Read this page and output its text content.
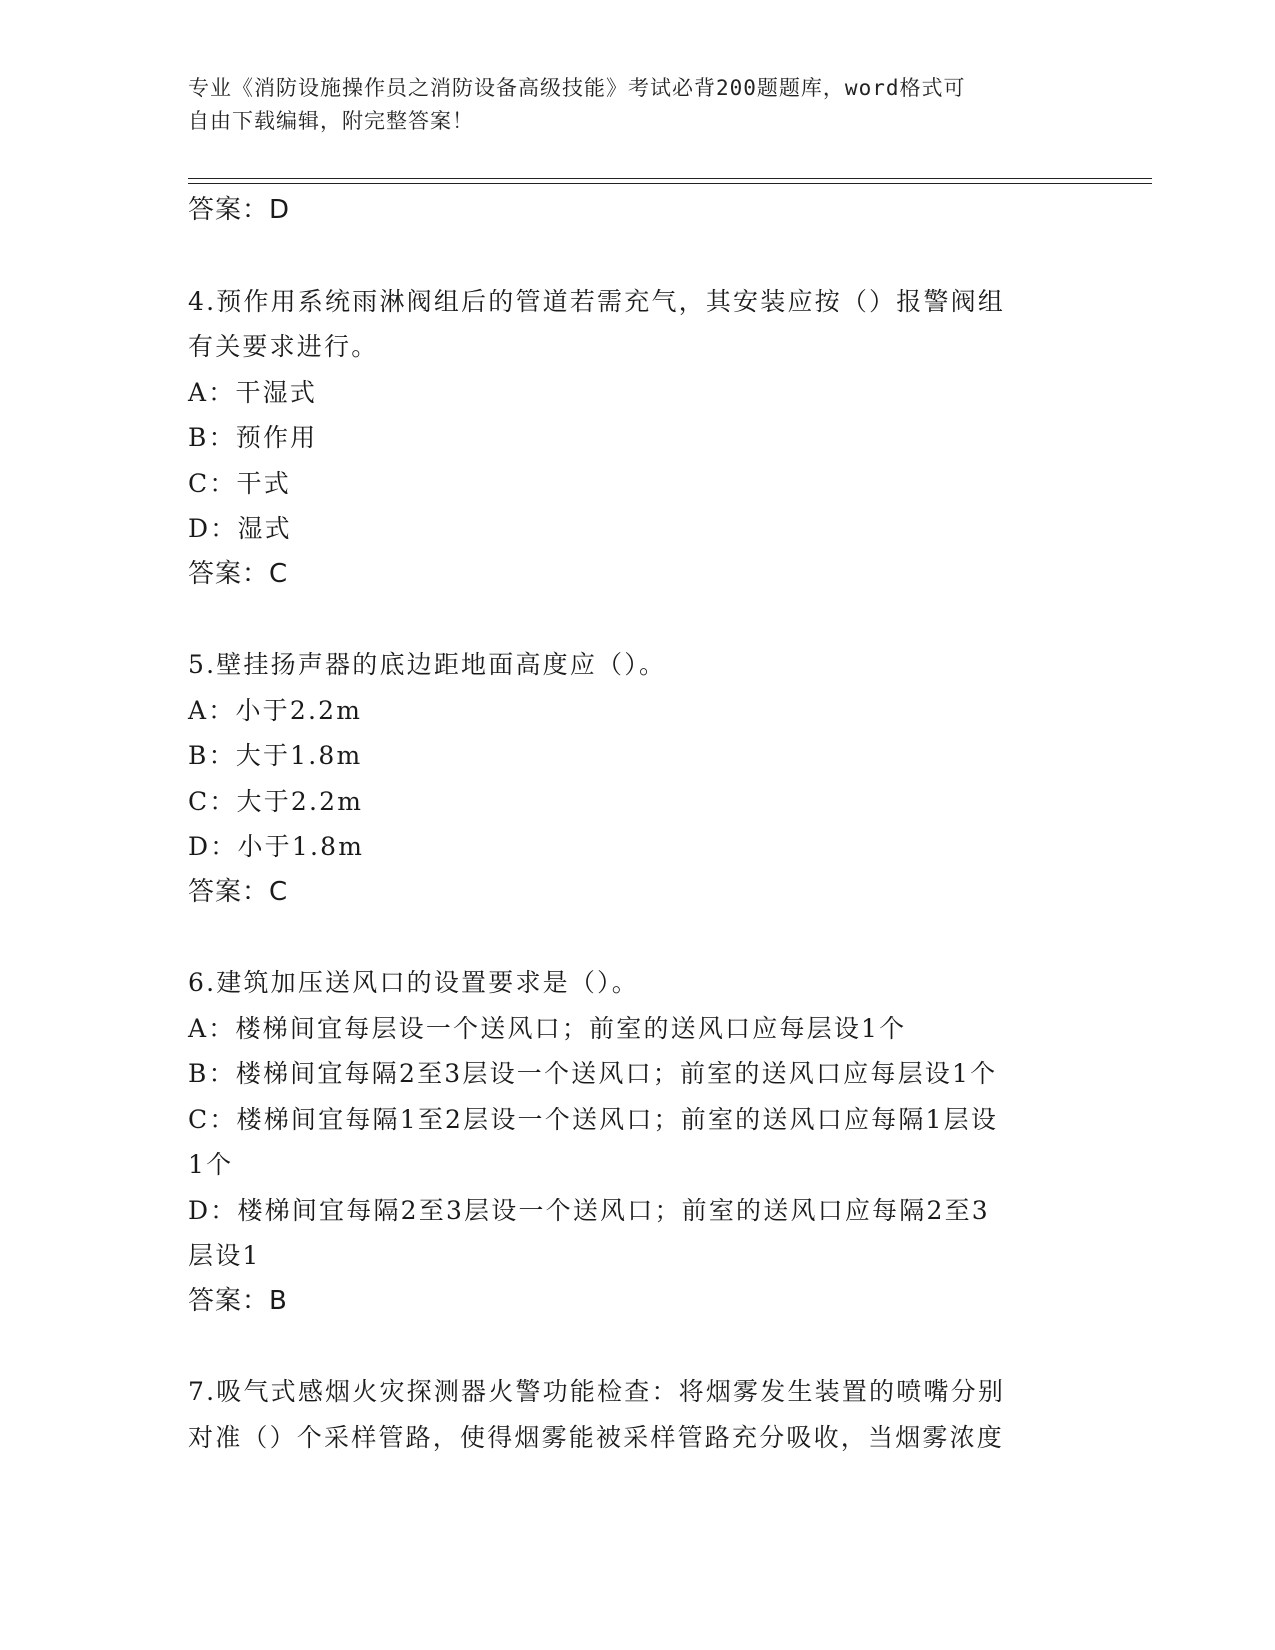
专业《消防设施操作员之消防设备高级技能》考试必背200题题库，word格式可
自由下载编辑，附完整答案！
答案：D

4.预作用系统雨淋阀组后的管道若需充气，其安装应按（）报警阀组

有关要求进行。

A：干湿式

B：预作用

C：干式

D：湿式

答案：C

5.壁挂扬声器的底边距地面高度应（）。

A：小于2.2m

B：大于1.8m

C：大于2.2m

D：小于1.8m

答案：C

6.建筑加压送风口的设置要求是（）。

A：楼梯间宜每层设一个送风口；前室的送风口应每层设1个

B：楼梯间宜每隔2至3层设一个送风口；前室的送风口应每层设1个

C：楼梯间宜每隔1至2层设一个送风口；前室的送风口应每隔1层设

1个

D：楼梯间宜每隔2至3层设一个送风口；前室的送风口应每隔2至3

层设1

答案：B

7.吸气式感烟火灾探测器火警功能检查：将烟雾发生装置的喷嘴分别

对准（）个采样管路，使得烟雾能被采样管路充分吸收，当烟雾浓度
